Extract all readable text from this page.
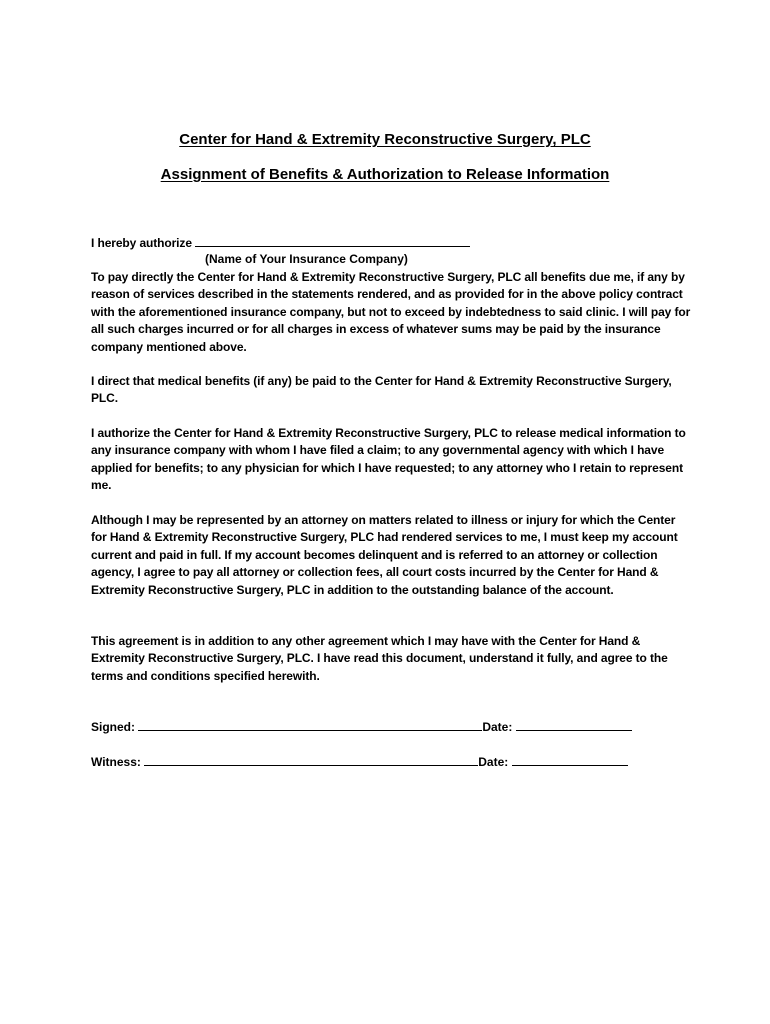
Center for Hand & Extremity Reconstructive Surgery, PLC
Assignment of Benefits & Authorization to Release Information
I hereby authorize
(Name of Your Insurance Company)
To pay directly the Center for Hand & Extremity Reconstructive Surgery, PLC all benefits due me, if any by reason of services described in the statements rendered, and as provided for in the above policy contract with the aforementioned insurance company, but not to exceed by indebtedness to said clinic. I will pay for all such charges incurred or for all charges in excess of whatever sums may be paid by the insurance company mentioned above.
I direct that medical benefits (if any) be paid to the Center for Hand & Extremity Reconstructive Surgery, PLC.
I authorize the Center for Hand & Extremity Reconstructive Surgery, PLC to release medical information to any insurance company with whom I have filed a claim; to any governmental agency with which I have applied for benefits; to any physician for which I have requested; to any attorney who I retain to represent me.
Although I may be represented by an attorney on matters related to illness or injury for which the Center for Hand & Extremity Reconstructive Surgery, PLC had rendered services to me, I must keep my account current and paid in full. If my account becomes delinquent and is referred to an attorney or collection agency, I agree to pay all attorney or collection fees, all court costs incurred by the Center for Hand & Extremity Reconstructive Surgery, PLC in addition to the outstanding balance of the account.
This agreement is in addition to any other agreement which I may have with the Center for Hand & Extremity Reconstructive Surgery, PLC. I have read this document, understand it fully, and agree to the terms and conditions specified herewith.
Signed:	Date:
Witness:	Date:
